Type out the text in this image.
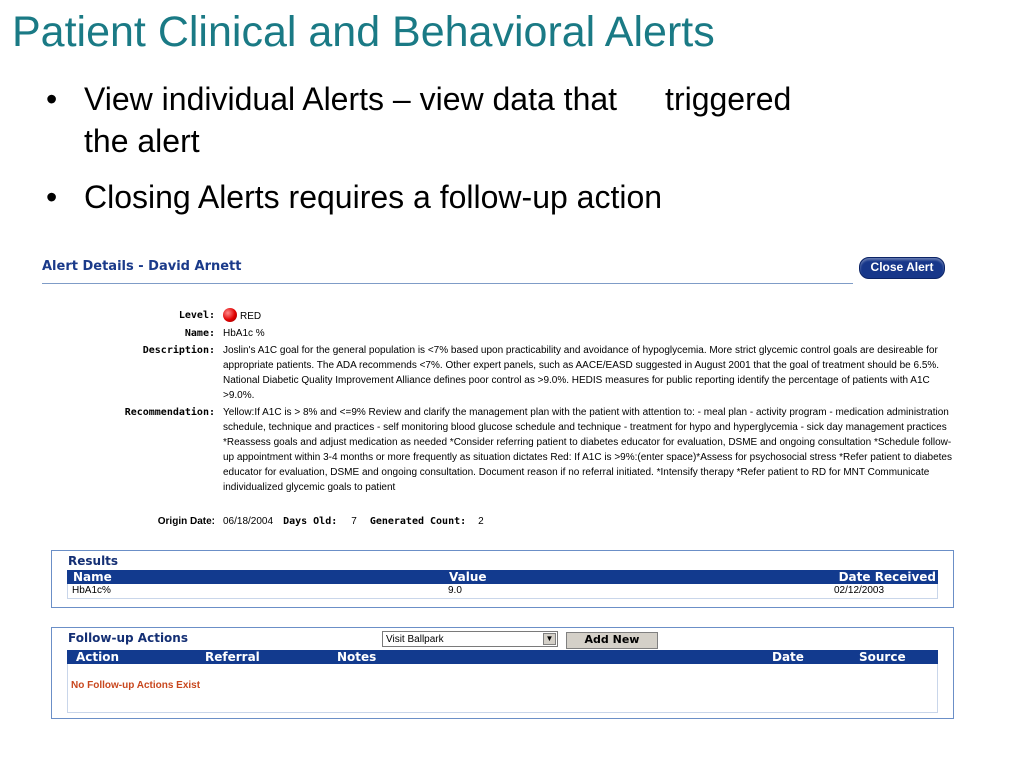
Patient Clinical and Behavioral Alerts
• View individual Alerts – view data that triggered
the alert
• Closing Alerts requires a follow-up action
Alert Details - David Arnett	Close Alert
Level:	RED
Name: HbA1c %
Description: Joslin's A1C goal for the general population is <7% based upon practicability and avoidance of hypoglycemia. More strict glycemic control goals are desireable for appropriate patients. The ADA recommends <7%. Other expert panels, such as AACE/EASD suggested in August 2001 that the goal of treatment should be 6.5%. National Diabetic Quality Improvement Alliance defines poor control as >9.0%. HEDIS measures for public reporting identify the percentage of patients with A1C >9.0%.
Recommendation: Yellow:If A1C is > 8% and <=9% Review and clarify the management plan with the patient with attention to: - meal plan - activity program - medication administration schedule, technique and practices - self monitoring blood glucose schedule and technique - treatment for hypo and hyperglycemia - sick day management practices *Reassess goals and adjust medication as needed *Consider referring patient to diabetes educator for evaluation, DSME and ongoing consultation *Schedule follow-up appointment within 3-4 months or more frequently as situation dictates Red: If A1C is >9%:(enter space)*Assess for psychosocial stress *Refer patient to diabetes educator for evaluation, DSME and ongoing consultation. Document reason if no referral initiated. *Intensify therapy *Refer patient to RD for MNT Communicate individualized glycemic goals to patient
Origin Date: 06/18/2004 Days Old: 7 Generated Count: 2
Results
Name	Value	Date Received
HbA1c%	9.0	02/12/2003
Follow-up Actions	Visit Ballpark	▼	Add New
Action	Referral	Notes	Date	Source
No Follow-up Actions Exist
